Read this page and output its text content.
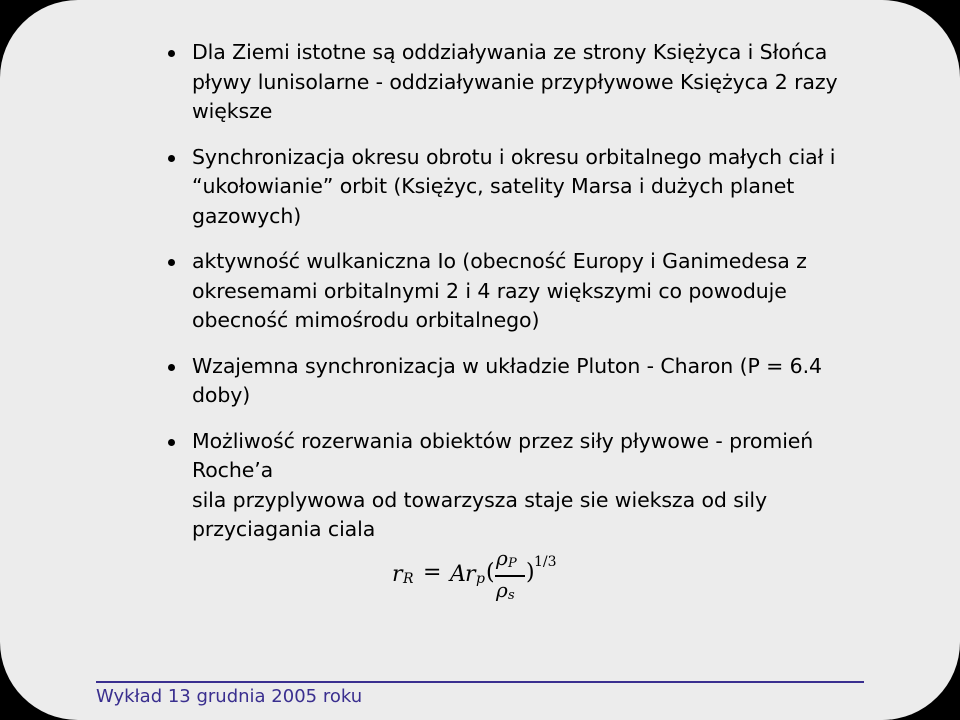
Dla Ziemi istotne są oddziaływania ze strony Księżyca i Słońca
pływy lunisolarne - oddziaływanie przypływowe Księżyca 2 razy
większe
Synchronizacja okresu obrotu i okresu orbitalnego małych ciał i
“ukołowianie” orbit (Księżyc, satelity Marsa i dużych planet
gazowych)
aktywność wulkaniczna Io (obecność Europy i Ganimedesa z
okresemami orbitalnymi 2 i 4 razy większymi co powoduje
obecność mimośrodu orbitalnego)
Wzajemna synchronizacja w układzie Pluton - Charon (P = 6.4
doby)
Możliwość rozerwania obiektów przez siły pływowe - promień
Roche’a
sila przyplywowa od towarzysza staje sie wieksza od sily
przyciagania ciala
r R = A r p (
ρ P
ρ s
) 1/3
Wykład 13 grudnia 2005 roku
